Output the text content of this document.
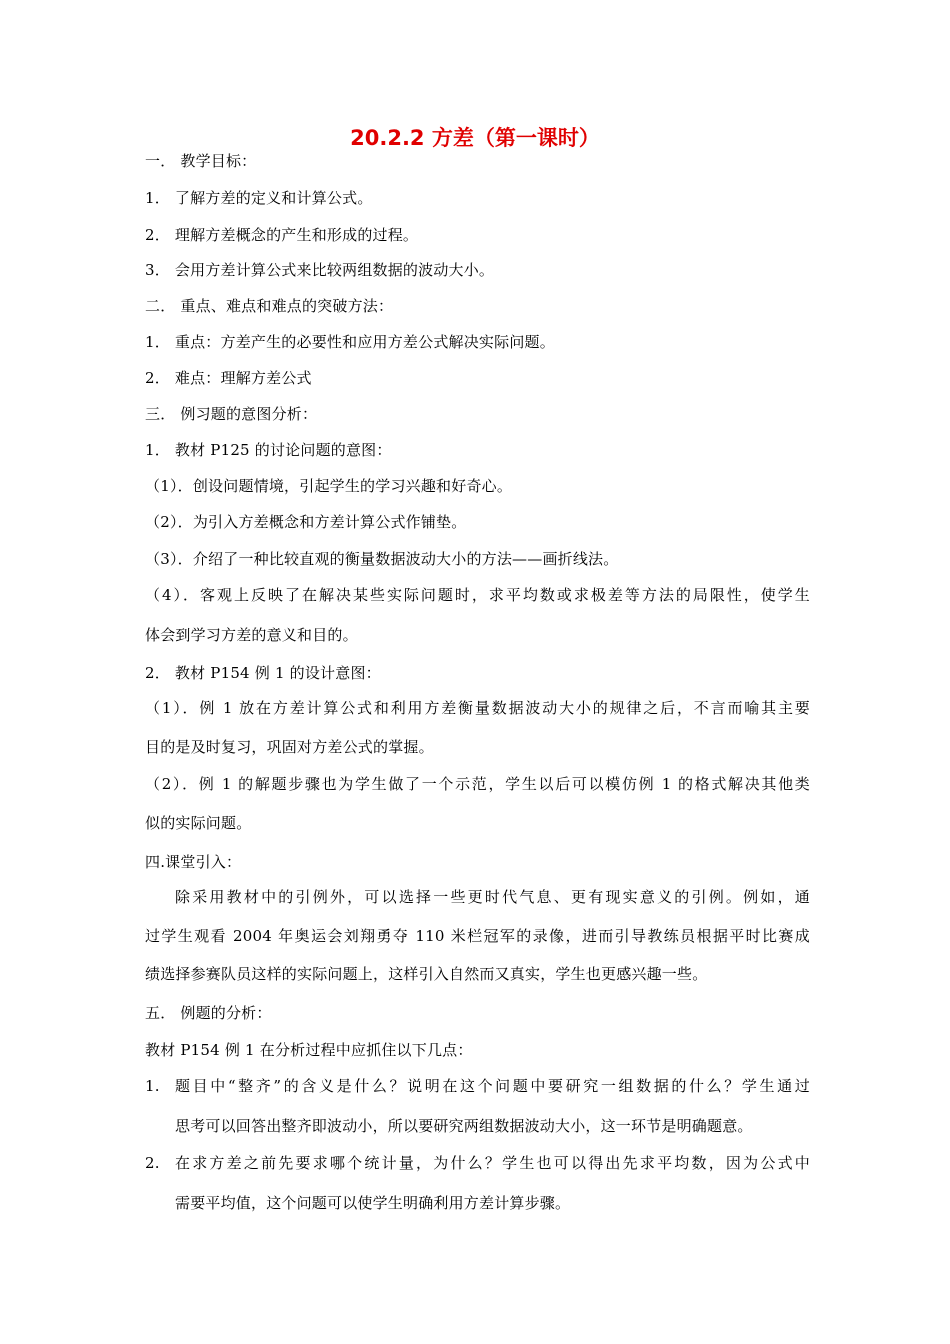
20.2.2 方差（第一课时）
一． 教学目标：
1． 了解方差的定义和计算公式。
2． 理解方差概念的产生和形成的过程。
3． 会用方差计算公式来比较两组数据的波动大小。
二． 重点、难点和难点的突破方法：
1． 重点：方差产生的必要性和应用方差公式解决实际问题。
2． 难点：理解方差公式
三． 例习题的意图分析：
1． 教材 P125 的讨论问题的意图：
（1）．创设问题情境，引起学生的学习兴趣和好奇心。
（2）．为引入方差概念和方差计算公式作铺垫。
（3）．介绍了一种比较直观的衡量数据波动大小的方法——画折线法。
（4）．客观上反映了在解决某些实际问题时，求平均数或求极差等方法的局限性，使学生
体会到学习方差的意义和目的。
2． 教材 P154 例 1 的设计意图：
（1）．例 1 放在方差计算公式和利用方差衡量数据波动大小的规律之后，不言而喻其主要
目的是及时复习，巩固对方差公式的掌握。
（2）．例 1 的解题步骤也为学生做了一个示范，学生以后可以模仿例 1 的格式解决其他类
似的实际问题。
四.课堂引入：
除采用教材中的引例外，可以选择一些更时代气息、更有现实意义的引例。例如，通
过学生观看 2004 年奥运会刘翔勇夺 110 米栏冠军的录像，进而引导教练员根据平时比赛成
绩选择参赛队员这样的实际问题上，这样引入自然而又真实，学生也更感兴趣一些。
五． 例题的分析：
教材 P154 例 1 在分析过程中应抓住以下几点：
1.	题目中“整齐”的含义是什么？说明在这个问题中要研究一组数据的什么？学生通过
思考可以回答出整齐即波动小，所以要研究两组数据波动大小，这一环节是明确题意。
2.	在求方差之前先要求哪个统计量，为什么？学生也可以得出先求平均数，因为公式中
需要平均值，这个问题可以使学生明确利用方差计算步骤。
